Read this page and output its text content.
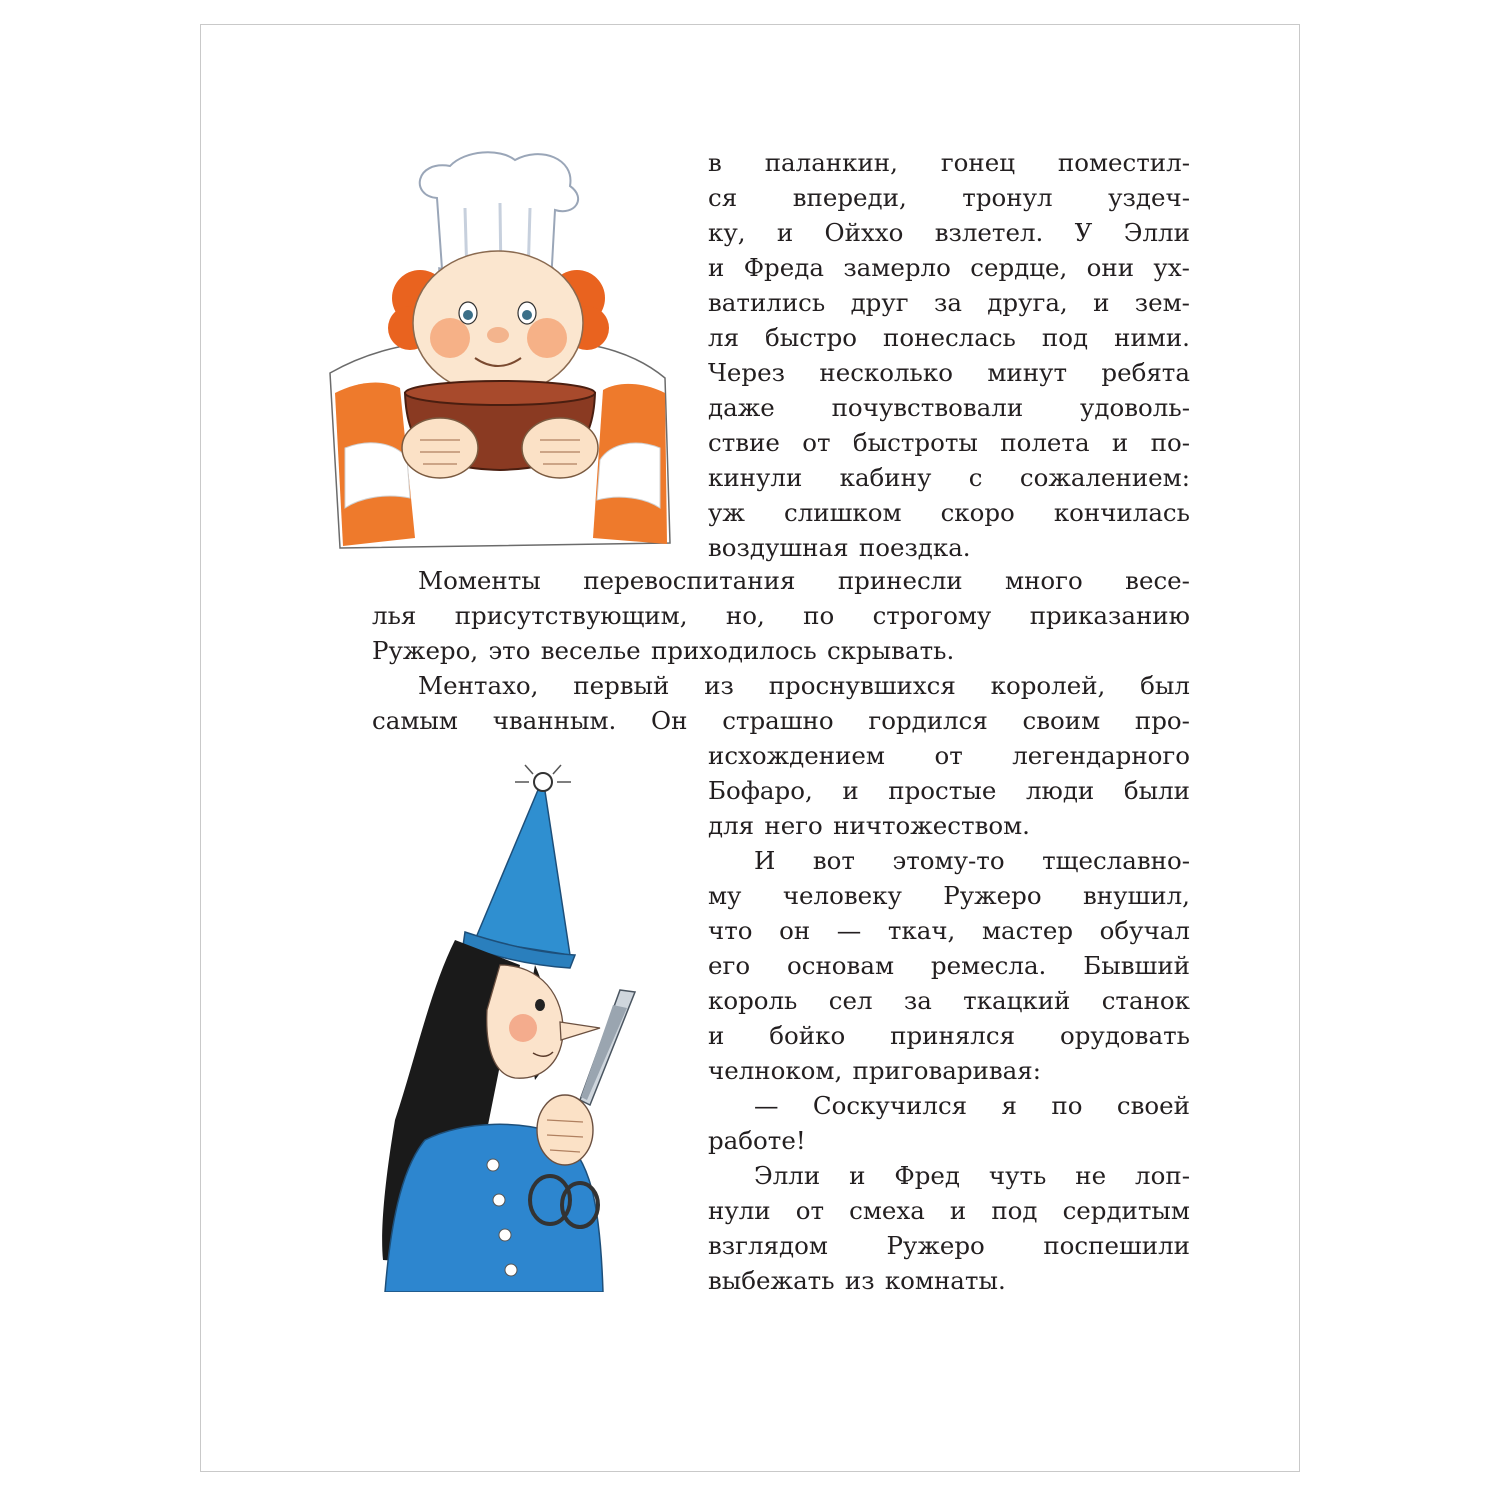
в паланкин, гонец поместил-
ся впереди, тронул уздеч-
ку, и Ойххо взлетел. У Элли
и Фреда замерло сердце, они ух-
ватились друг за друга, и зем-
ля быстро понеслась под ними.
Через несколько минут ребята
даже почувствовали удоволь-
ствие от быстроты полета и по-
кинули кабину с сожалением:
уж слишком скоро кончилась
воздушная поездка.
Моменты перевоспитания принесли много весе-
лья присутствующим, но, по строгому приказанию
Ружеро, это веселье приходилось скрывать.
Ментахо, первый из проснувшихся королей, был
самым чванным. Он страшно гордился своим про-
исхождением от легендарного
Бофаро, и простые люди были
для него ничтожеством.
И вот этому-то тщеславно-
му человеку Ружеро внушил,
что он — ткач, мастер обучал
его основам ремесла. Бывший
король сел за ткацкий станок
и бойко принялся орудовать
челноком, приговаривая:
— Соскучился я по своей
работе!
Элли и Фред чуть не лоп-
нули от смеха и под сердитым
взглядом Ружеро поспешили
выбежать из комнаты.
